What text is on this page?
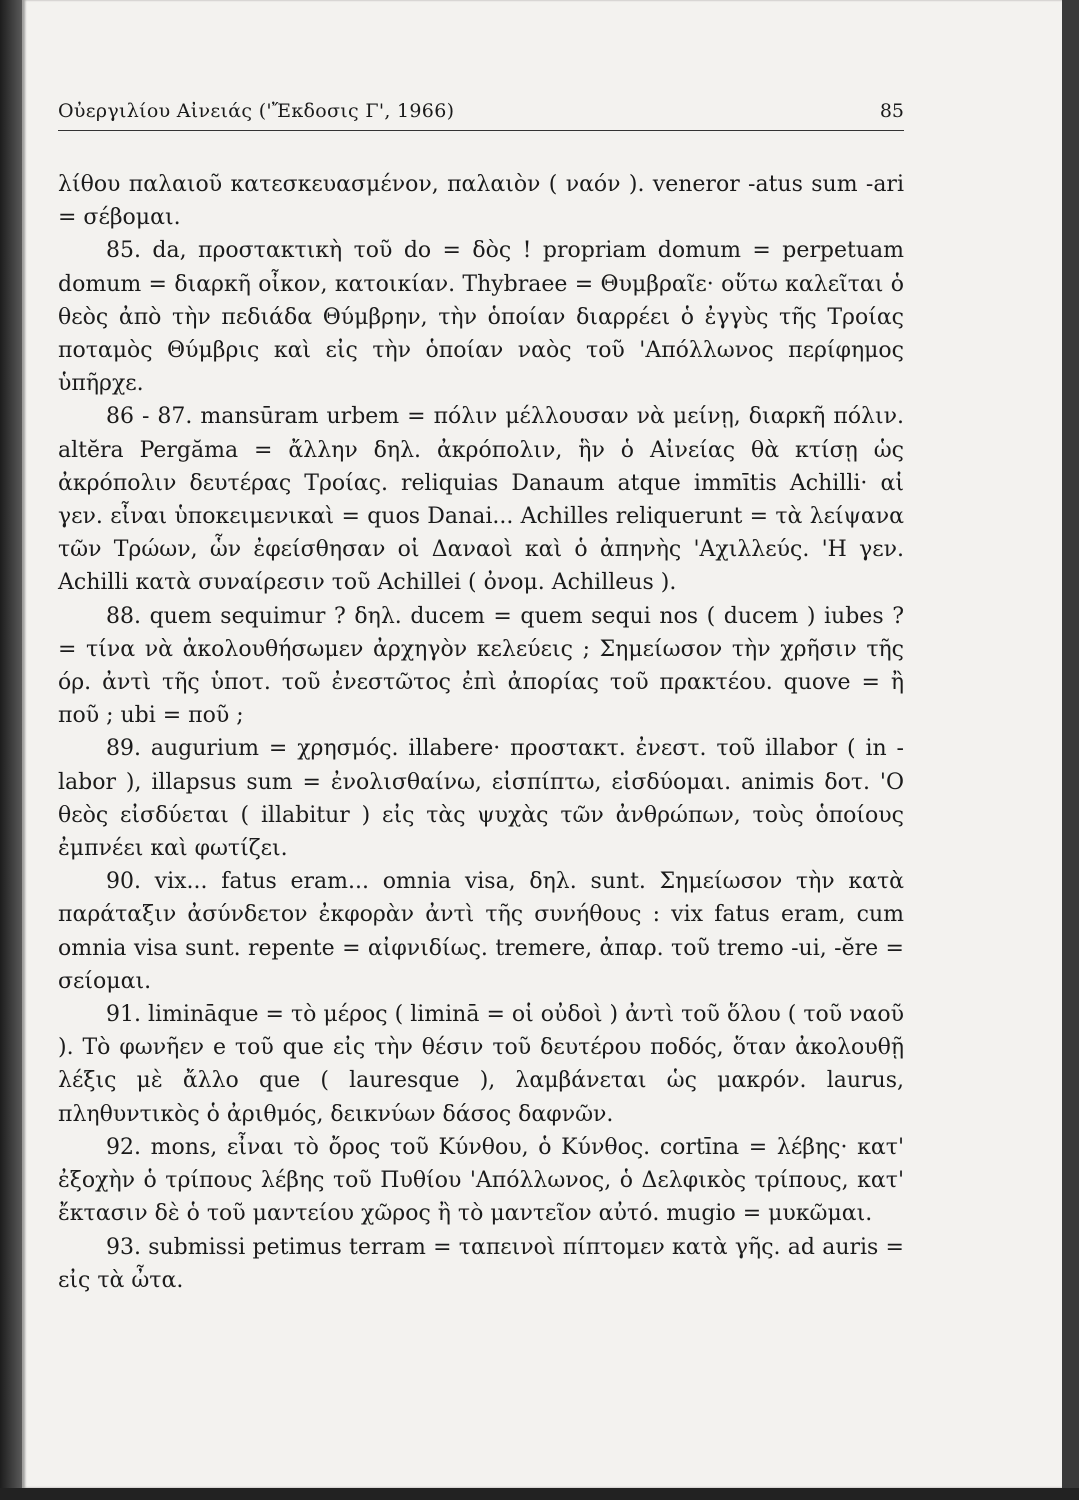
Οὐεργιλίου Αἰνειάς ('Ἔκδοσις Γ', 1966)	85

λίθου παλαιοῦ κατεσκευασμένον, παλαιὸν ( ναόν ). veneror -atus sum -ari = σέβομαι.

85. da, προστακτικὴ τοῦ do = δὸς ! propriam domum = perpetuam domum = διαρκῆ οἶκον, κατοικίαν. Thybraee = Θυμβραῖε· οὕτω καλεῖται ὁ θεὸς ἀπὸ τὴν πεδιάδα Θύμβρην, τὴν ὁποίαν διαρρέει ὁ ἐγγὺς τῆς Τροίας ποταμὸς Θύμβρις καὶ εἰς τὴν ὁποίαν ναὸς τοῦ 'Απόλλωνος περίφημος ὑπῆρχε.

86 - 87. mansūram urbem = πόλιν μέλλουσαν νὰ μείνῃ, διαρκῆ πόλιν. altĕra Pergăma = ἄλλην δηλ. ἀκρόπολιν, ἣν ὁ Αἰνείας θὰ κτίσῃ ὡς ἀκρόπολιν δευτέρας Τροίας. reliquias Danaum atque immītis Achilli· αἱ γεν. εἶναι ὑποκειμενικαὶ = quos Danai... Achilles reliquerunt = τὰ λείψανα τῶν Τρώων, ὧν ἐφείσθησαν οἱ Δαναοὶ καὶ ὁ ἀπηνὴς 'Αχιλλεύς. 'Η γεν. Achilli κατὰ συναίρεσιν τοῦ Achillei ( ὀνομ. Achilleus ).

88. quem sequimur ? δηλ. ducem = quem sequi nos ( ducem ) iubes ? = τίνα νὰ ἀκολουθήσωμεν ἀρχηγὸν κελεύεις ; Σημείωσον τὴν χρῆσιν τῆς όρ. ἀντὶ τῆς ὑποτ. τοῦ ἐνεστῶτος ἐπὶ ἀπορίας τοῦ πρακτέου. quove = ἢ ποῦ ; ubi = ποῦ ;

89. augurium = χρησμός. illabere· προστακτ. ἐνεστ. τοῦ illabor ( in - labor ), illapsus sum = ἐνολισθαίνω, εἰσπίπτω, εἰσδύομαι. animis δοτ. 'Ο θεὸς εἰσδύεται ( illabitur ) εἰς τὰς ψυχὰς τῶν ἀνθρώπων, τοὺς ὁποίους ἐμπνέει καὶ φωτίζει.

90. vix... fatus eram... omnia visa, δηλ. sunt. Σημείωσον τὴν κατὰ παράταξιν ἀσύνδετον ἐκφορὰν ἀντὶ τῆς συνήθους : vix fatus eram, cum omnia visa sunt. repente = αἰφνιδίως. tremere, ἀπαρ. τοῦ tremo -ui, -ĕre = σείομαι.

91. limināque = τὸ μέρος ( liminā = οἱ οὐδοὶ ) ἀντὶ τοῦ ὅλου ( τοῦ ναοῦ ). Τὸ φωνῆεν e τοῦ que εἰς τὴν θέσιν τοῦ δευτέρου ποδός, ὅταν ἀκολουθῇ λέξις μὲ ἄλλο que ( lauresque ), λαμβάνεται ὡς μακρόν. laurus, πληθυντικὸς ὁ ἀριθμός, δεικνύων δάσος δαφνῶν.

92. mons, εἶναι τὸ ὄρος τοῦ Κύνθου, ὁ Κύνθος. cortīna = λέβης· κατ' ἐξοχὴν ὁ τρίπους λέβης τοῦ Πυθίου 'Απόλλωνος, ὁ Δελφικὸς τρίπους, κατ' ἔκτασιν δὲ ὁ τοῦ μαντείου χῶρος ἢ τὸ μαντεῖον αὐτό. mugio = μυκῶμαι.

93. submissi petimus terram = ταπεινοὶ πίπτομεν κατὰ γῆς. ad auris = εἰς τὰ ὦτα.
